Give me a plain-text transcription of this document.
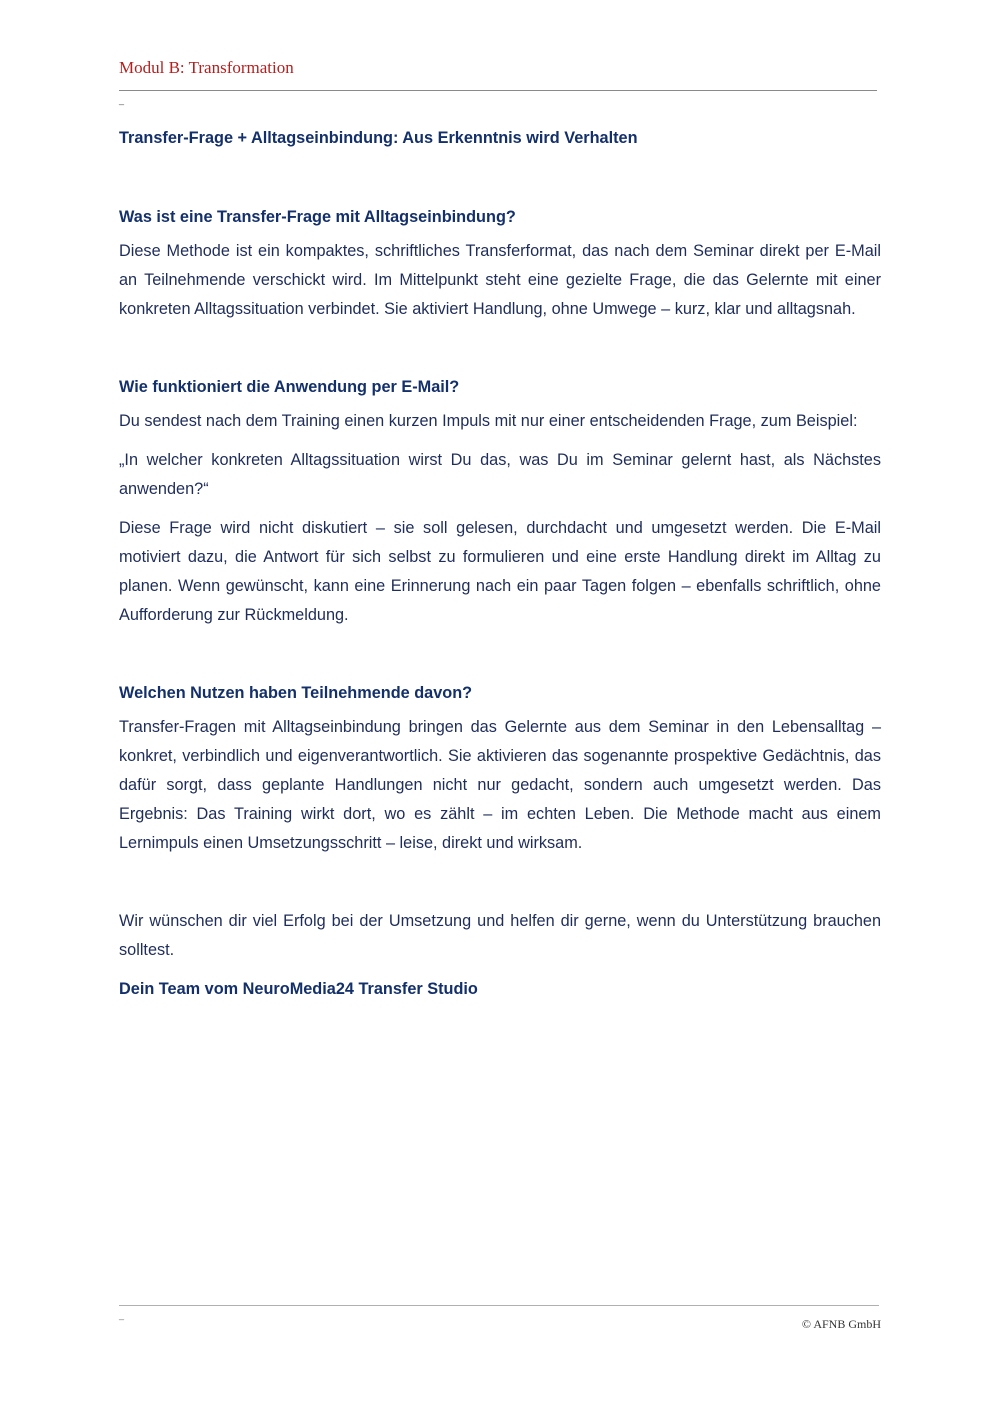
Modul B: Transformation
_
Transfer-Frage + Alltagseinbindung: Aus Erkenntnis wird Verhalten
Was ist eine Transfer-Frage mit Alltagseinbindung?

Diese Methode ist ein kompaktes, schriftliches Transferformat, das nach dem Seminar direkt per E-Mail an Teilnehmende verschickt wird. Im Mittelpunkt steht eine gezielte Frage, die das Gelernte mit einer konkreten Alltagssituation verbindet. Sie aktiviert Handlung, ohne Umwege – kurz, klar und alltagsnah.

Wie funktioniert die Anwendung per E-Mail?

Du sendest nach dem Training einen kurzen Impuls mit nur einer entscheidenden Frage, zum Beispiel:

„In welcher konkreten Alltagssituation wirst Du das, was Du im Seminar gelernt hast, als Nächstes anwenden?“

Diese Frage wird nicht diskutiert – sie soll gelesen, durchdacht und umgesetzt werden. Die E-Mail motiviert dazu, die Antwort für sich selbst zu formulieren und eine erste Handlung direkt im Alltag zu planen. Wenn gewünscht, kann eine Erinnerung nach ein paar Tagen folgen – ebenfalls schriftlich, ohne Aufforderung zur Rückmeldung.

Welchen Nutzen haben Teilnehmende davon?

Transfer-Fragen mit Alltagseinbindung bringen das Gelernte aus dem Seminar in den Lebensalltag – konkret, verbindlich und eigenverantwortlich. Sie aktivieren das sogenannte prospektive Gedächtnis, das dafür sorgt, dass geplante Handlungen nicht nur gedacht, sondern auch umgesetzt werden. Das Ergebnis: Das Training wirkt dort, wo es zählt – im echten Leben. Die Methode macht aus einem Lernimpuls einen Umsetzungsschritt – leise, direkt und wirksam.

Wir wünschen dir viel Erfolg bei der Umsetzung und helfen dir gerne, wenn du Unterstützung brauchen solltest.

Dein Team vom NeuroMedia24 Transfer Studio

_
© AFNB GmbH
